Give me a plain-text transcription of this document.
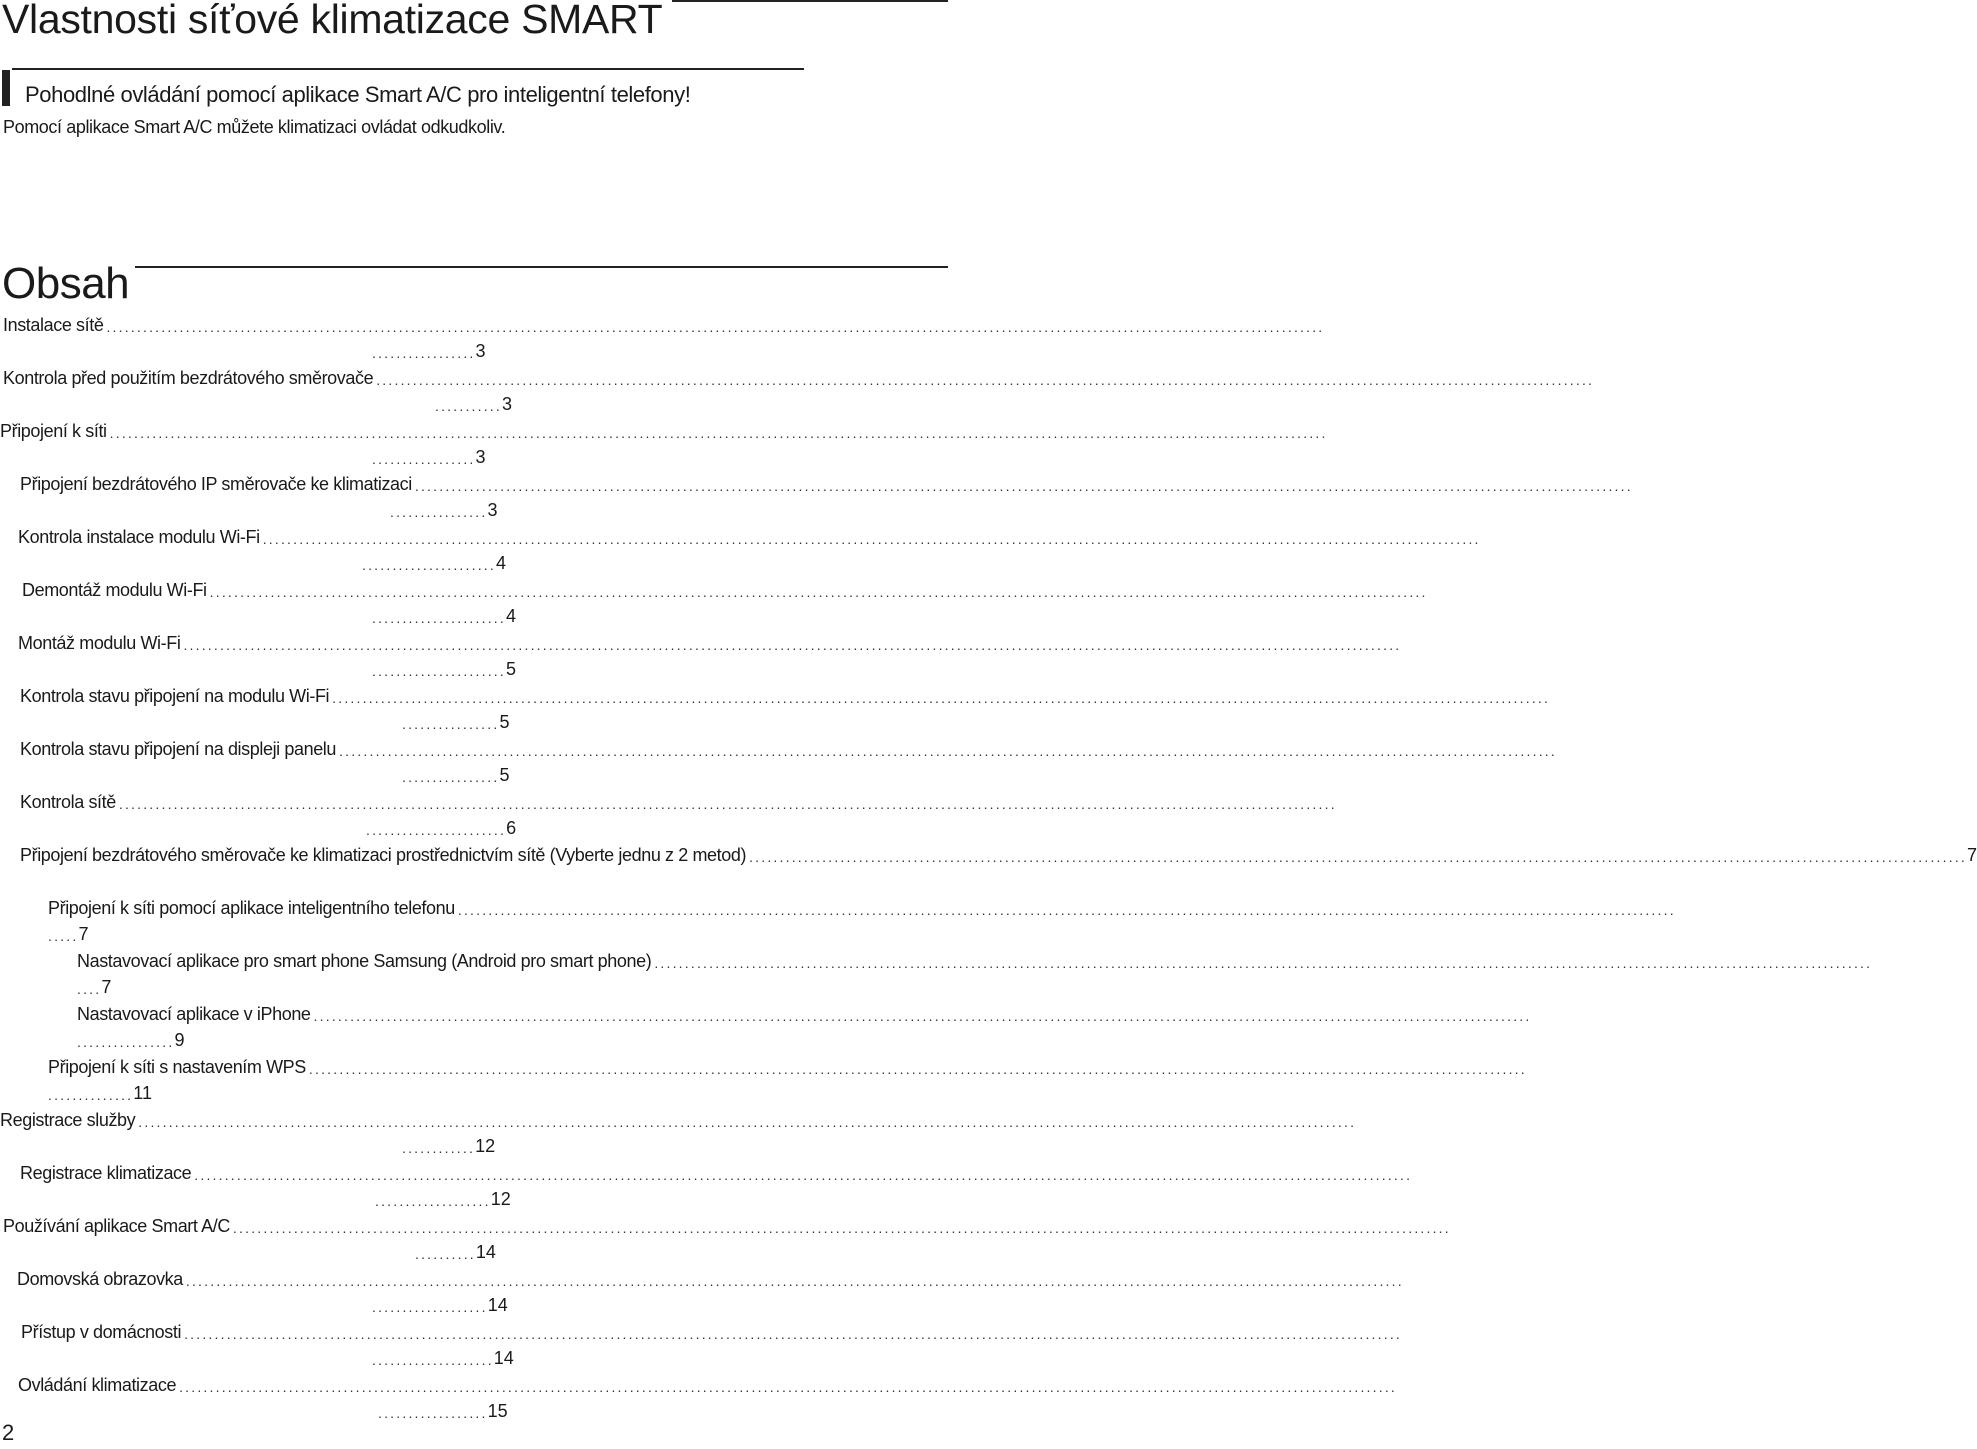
Vlastnosti síťové klimatizace SMART
Pohodlné ovládání pomocí aplikace Smart A/C pro inteligentní telefony!
Pomocí aplikace Smart A/C můžete klimatizaci ovládat odkudkoliv.
Obsah
Instalace sítě ........................................................................................................................................................................................................
................. 3
Kontrola před použitím bezdrátového směrovače ........................................................................................................................................................................................................
........... 3
Připojení k síti ........................................................................................................................................................................................................
................. 3
Připojení bezdrátového IP směrovače ke klimatizaci ........................................................................................................................................................................................................
................ 3
Kontrola instalace modulu Wi-Fi ........................................................................................................................................................................................................
...................... 4
Demontáž modulu Wi-Fi ........................................................................................................................................................................................................
...................... 4
Montáž modulu Wi-Fi ........................................................................................................................................................................................................
...................... 5
Kontrola stavu připojení na modulu Wi-Fi ........................................................................................................................................................................................................
................ 5
Kontrola stavu připojení na displeji panelu ........................................................................................................................................................................................................
................ 5
Kontrola sítě ........................................................................................................................................................................................................
....................... 6
Připojení bezdrátového směrovače ke klimatizaci prostřednictvím sítě (Vyberte jednu z 2 metod) ........................................................................................................................................................................................................ 7
Připojení k síti pomocí aplikace inteligentního telefonu ........................................................................................................................................................................................................
..... 7
Nastavovací aplikace pro smart phone Samsung (Android pro smart phone) ........................................................................................................................................................................................................
.... 7
Nastavovací aplikace v iPhone ........................................................................................................................................................................................................
................ 9
Připojení k síti s nastavením WPS ........................................................................................................................................................................................................
.............. 11
Registrace služby ........................................................................................................................................................................................................
............ 12
Registrace klimatizace ........................................................................................................................................................................................................
................... 12
Používání aplikace Smart A/C ........................................................................................................................................................................................................
.......... 14
Domovská obrazovka ........................................................................................................................................................................................................
................... 14
Přístup v domácnosti ........................................................................................................................................................................................................
.................... 14
Ovládání klimatizace ........................................................................................................................................................................................................
.................. 15
2
